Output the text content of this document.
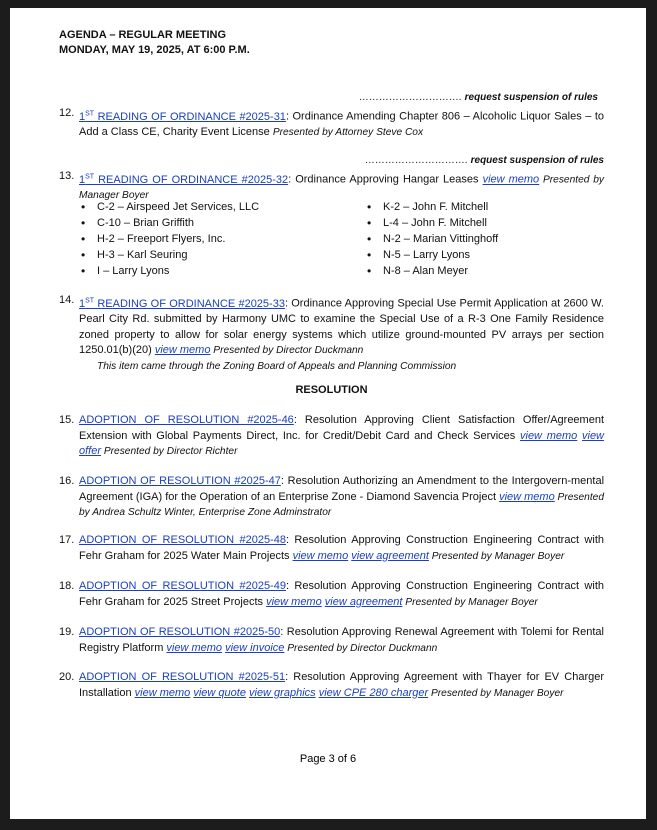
AGENDA – REGULAR MEETING
MONDAY, MAY 19, 2025, AT 6:00 P.M.
…………………………. request suspension of rules
12. 1ST READING OF ORDINANCE #2025-31: Ordinance Amending Chapter 806 – Alcoholic Liquor Sales – to Add a Class CE, Charity Event License Presented by Attorney Steve Cox
…………………………. request suspension of rules
13. 1ST READING OF ORDINANCE #2025-32: Ordinance Approving Hangar Leases view memo Presented by Manager Boyer
• C-2 – Airspeed Jet Services, LLC
• C-10 – Brian Griffith
• H-2 – Freeport Flyers, Inc.
• H-3 – Karl Seuring
• I – Larry Lyons
• K-2 – John F. Mitchell
• L-4 – John F. Mitchell
• N-2 – Marian Vittinghoff
• N-5 – Larry Lyons
• N-8 – Alan Meyer
14. 1ST READING OF ORDINANCE #2025-33: Ordinance Approving Special Use Permit Application at 2600 W. Pearl City Rd. submitted by Harmony UMC to examine the Special Use of a R-3 One Family Residence zoned property to allow for solar energy systems which utilize ground-mounted PV arrays per section 1250.01(b)(20) view memo Presented by Director Duckmann
This item came through the Zoning Board of Appeals and Planning Commission
RESOLUTION
15. ADOPTION OF RESOLUTION #2025-46: Resolution Approving Client Satisfaction Offer/Agreement Extension with Global Payments Direct, Inc. for Credit/Debit Card and Check Services view memo view offer Presented by Director Richter
16. ADOPTION OF RESOLUTION #2025-47: Resolution Authorizing an Amendment to the Intergovern-mental Agreement (IGA) for the Operation of an Enterprise Zone - Diamond Savencia Project view memo Presented by Andrea Schultz Winter, Enterprise Zone Adminstrator
17. ADOPTION OF RESOLUTION #2025-48: Resolution Approving Construction Engineering Contract with Fehr Graham for 2025 Water Main Projects view memo view agreement Presented by Manager Boyer
18. ADOPTION OF RESOLUTION #2025-49: Resolution Approving Construction Engineering Contract with Fehr Graham for 2025 Street Projects view memo view agreement Presented by Manager Boyer
19. ADOPTION OF RESOLUTION #2025-50: Resolution Approving Renewal Agreement with Tolemi for Rental Registry Platform view memo view invoice Presented by Director Duckmann
20. ADOPTION OF RESOLUTION #2025-51: Resolution Approving Agreement with Thayer for EV Charger Installation view memo view quote view graphics view CPE 280 charger Presented by Manager Boyer
Page 3 of 6
